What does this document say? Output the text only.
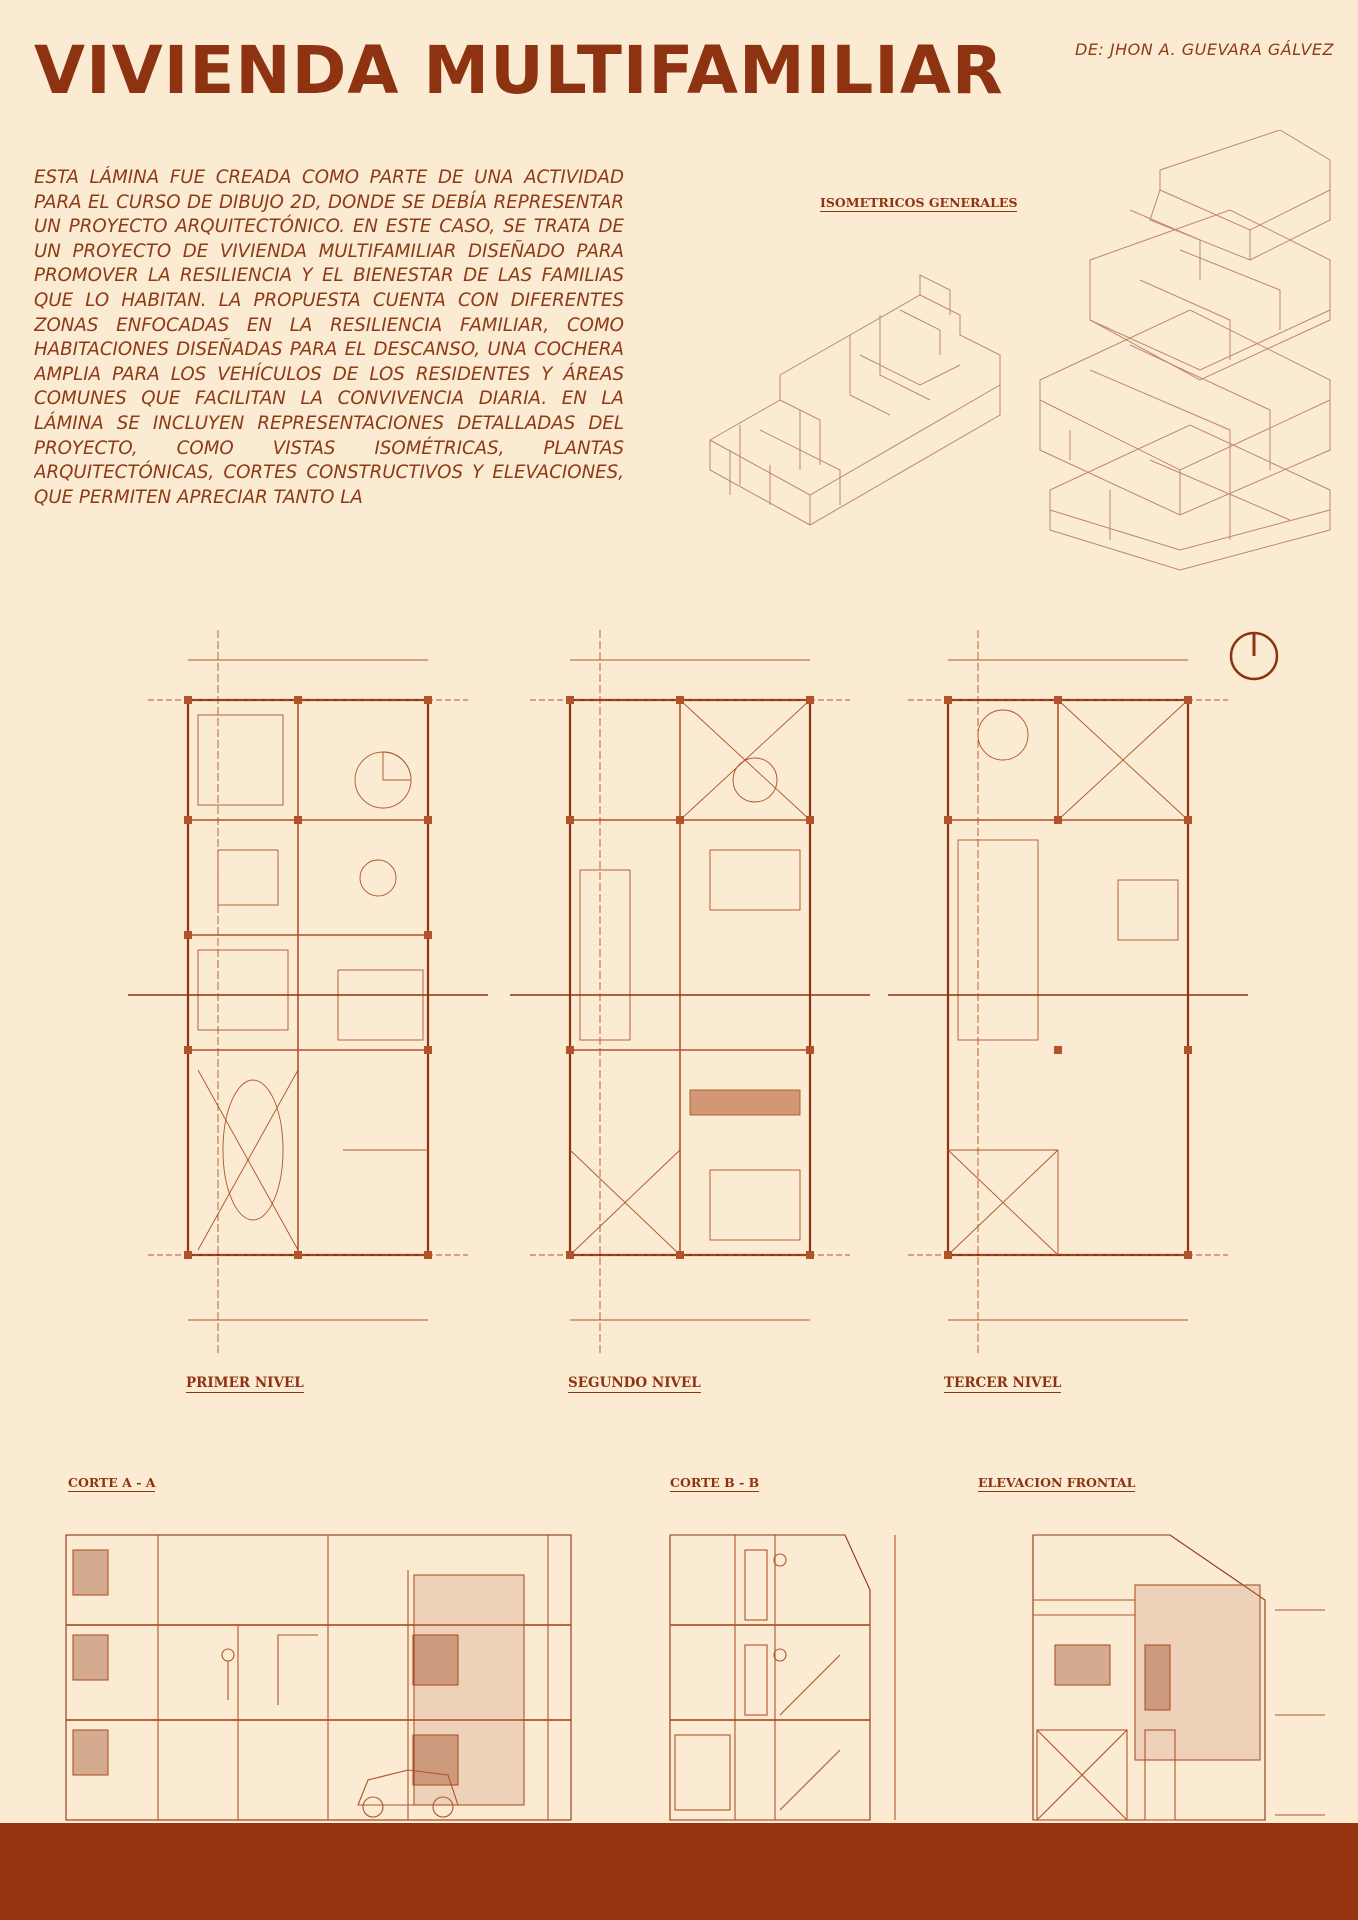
VIVIENDA MULTIFAMILIAR	DE: JHON A. GUEVARA GÁLVEZ
ESTA LÁMINA FUE CREADA COMO PARTE DE UNA ACTIVIDAD PARA EL CURSO DE DIBUJO 2D, DONDE SE DEBÍA REPRESENTAR UN PROYECTO ARQUITECTÓNICO. EN ESTE CASO, SE TRATA DE UN PROYECTO DE VIVIENDA MULTIFAMILIAR DISEÑADO PARA PROMOVER LA RESILIENCIA Y EL BIENESTAR DE LAS FAMILIAS QUE LO HABITAN. LA PROPUESTA CUENTA CON DIFERENTES ZONAS ENFOCADAS EN LA RESILIENCIA FAMILIAR, COMO HABITACIONES DISEÑADAS PARA EL DESCANSO, UNA COCHERA AMPLIA PARA LOS VEHÍCULOS DE LOS RESIDENTES Y ÁREAS COMUNES QUE FACILITAN LA CONVIVENCIA DIARIA. EN LA LÁMINA SE INCLUYEN REPRESENTACIONES DETALLADAS DEL PROYECTO, COMO VISTAS ISOMÉTRICAS, PLANTAS ARQUITECTÓNICAS, CORTES CONSTRUCTIVOS Y ELEVACIONES, QUE PERMITEN APRECIAR TANTO LA
ISOMETRICOS GENERALES
PRIMER NIVEL	SEGUNDO NIVEL	TERCER NIVEL
CORTE A - A	CORTE B - B	ELEVACION FRONTAL
